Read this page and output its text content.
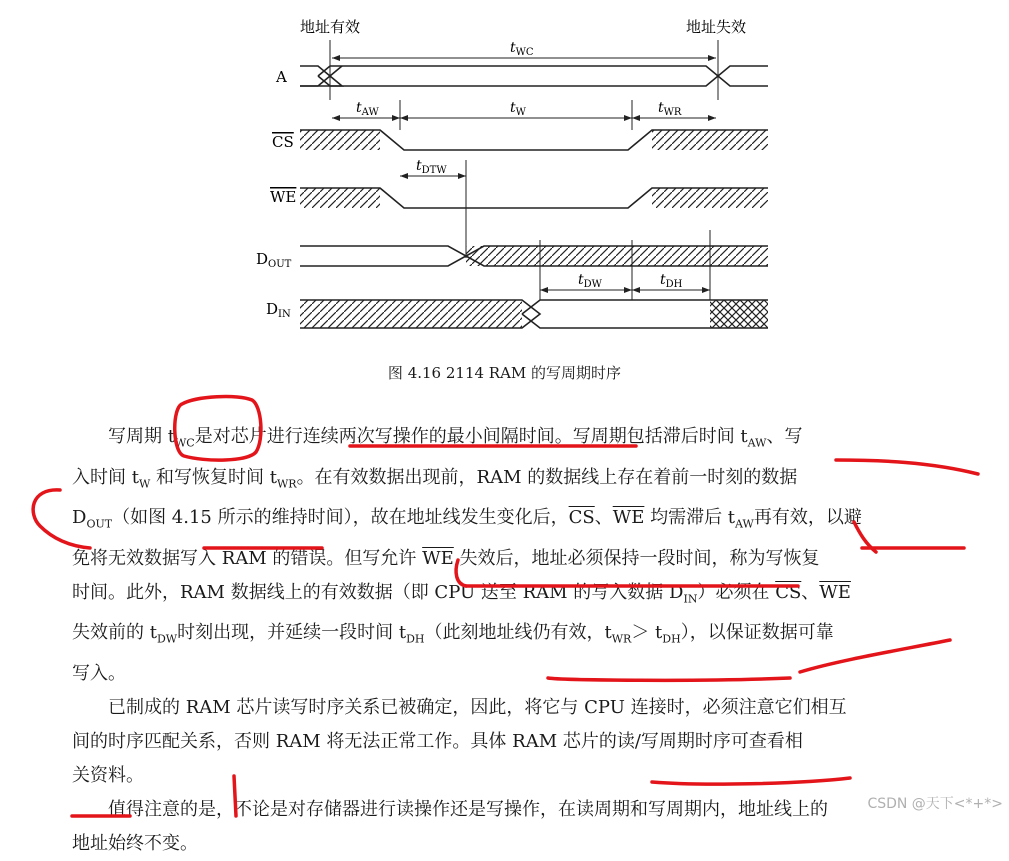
地址有效	地址失效
$t_{WC}$
A
$t_{AW}$	$t_W$	$t_{WR}$
CS
$t_{DTW}$
WE
$D_{OUT}$
$t_{DW}$	$t_{DH}$
$D_{IN}$
图 4.16 2114 RAM 的写周期时序
写周期 $t_{WC}$是对芯片进行连续两次写操作的最小间隔时间。写周期包括滞后时间 $t_{AW}$、写
入时间 $t_W$ 和写恢复时间 $t_{WR}$。在有效数据出现前，RAM 的数据线上存在着前一时刻的数据
$D_{OUT}$（如图 4.15 所示的维持时间），故在地址线发生变化后，$\overline{CS}$、$\overline{WE}$ 均需滞后 $t_{AW}$再有效，以避
免将无效数据写入 RAM 的错误。但写允许 $\overline{WE}$ 失效后，地址必须保持一段时间，称为写恢复
时间。此外，RAM 数据线上的有效数据（即 CPU 送至 RAM 的写入数据 $D_{IN}$）必须在 $\overline{CS}$、$\overline{WE}$
失效前的 $t_{DW}$时刻出现，并延续一段时间 $t_{DH}$（此刻地址线仍有效，$t_{WR}> t_{DH}$），以保证数据可靠
写入。
已制成的 RAM 芯片读写时序关系已被确定，因此，将它与 CPU 连接时，必须注意它们相互
间的时序匹配关系，否则 RAM 将无法正常工作。具体 RAM 芯片的读/写周期时序可查看相
关资料。
值得注意的是，不论是对存储器进行读操作还是写操作，在读周期和写周期内，地址线上的
地址始终不变。
CSDN @天下<*+*>
